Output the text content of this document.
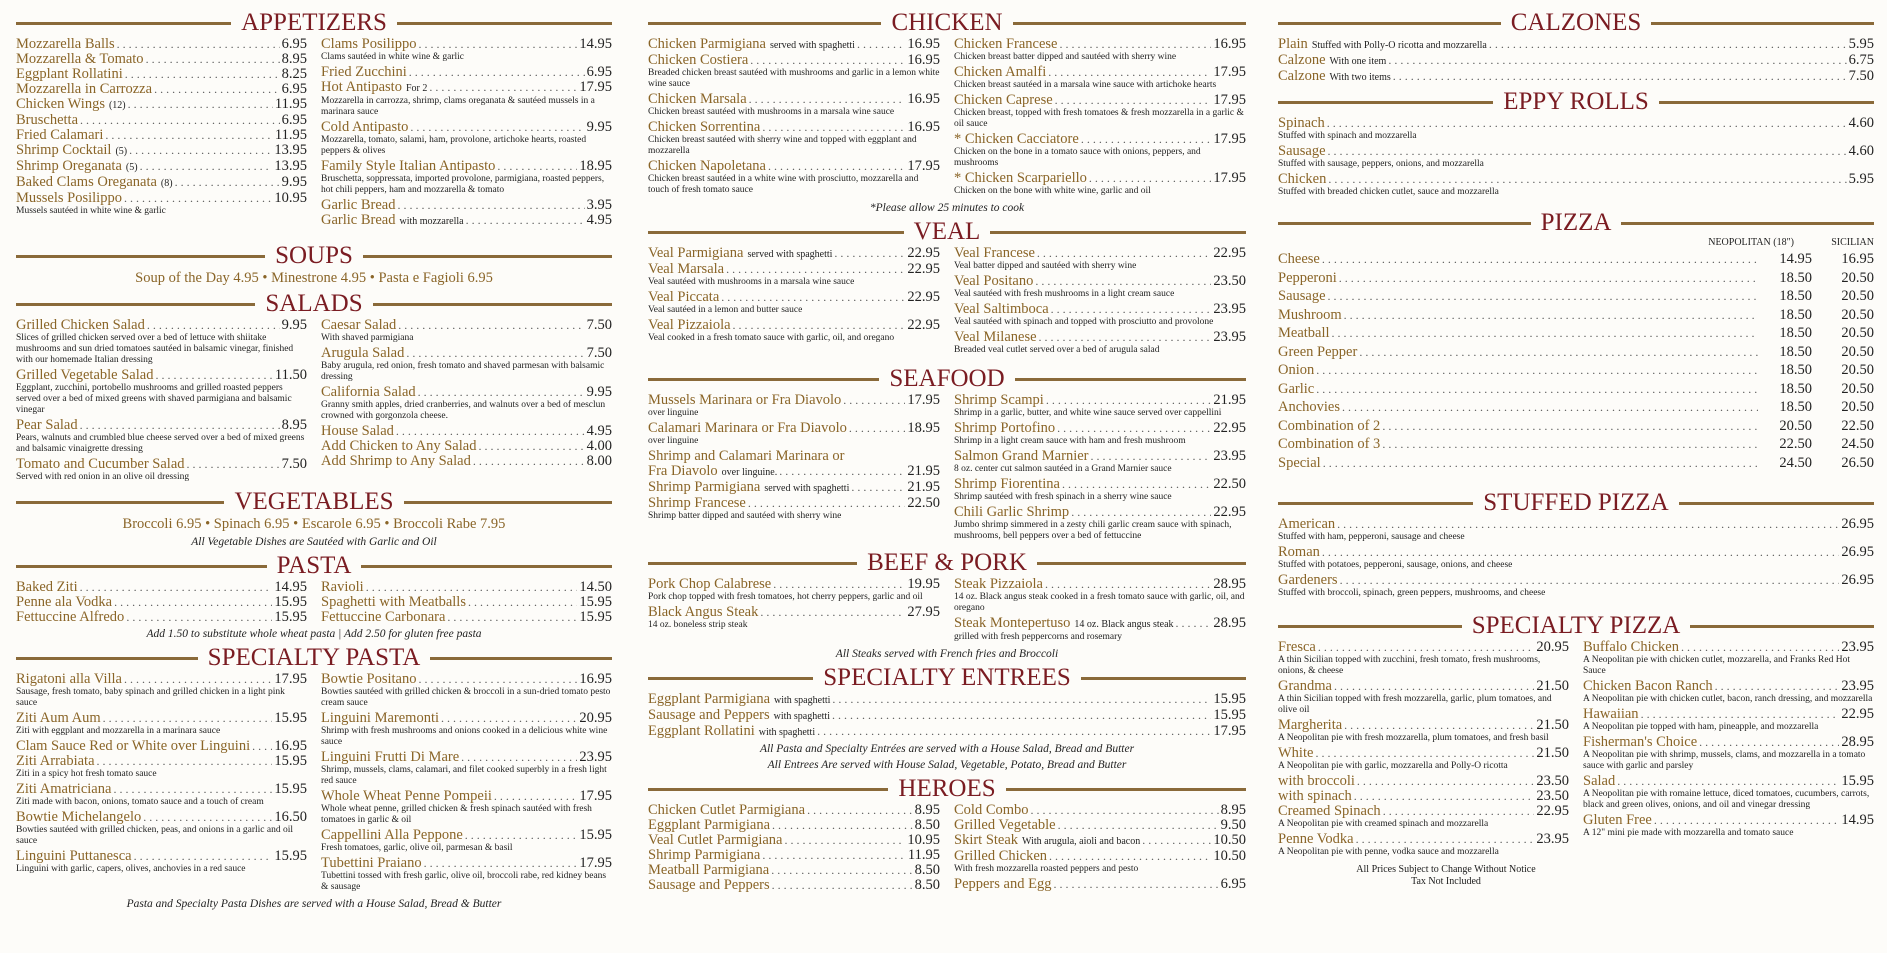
APPETIZERS
Mozzarella Balls . . .	6.95
Mozzarella & Tomato . . .	8.95
Eggplant Rollatini . . .	8.25
Mozzarella in Carrozza . . .	6.95
Chicken Wings (12) . . .	11.95
Bruschetta . . .	6.95
Fried Calamari . . .	11.95
Shrimp Cocktail (5) . . .	13.95
Shrimp Oreganata (5) . . .	13.95
Baked Clams Oreganata (8) . . .	9.95
Mussels Posilippo . . .	10.95
Mussels sautéed in white wine & garlic
Clams Posilippo . . .	14.95
Clams sautéed in white wine & garlic
Fried Zucchini . . .	6.95
Hot Antipasto For 2 . . .	17.95
Mozzarella in carrozza, shrimp, clams oreganata & sautéed mussels in a marinara sauce
Cold Antipasto . . .	9.95
Mozzarella, tomato, salami, ham, provolone, artichoke hearts, roasted peppers & olives
Family Style Italian Antipasto . . .	18.95
Bruschetta, soppressata, imported provolone, parmigiana, roasted peppers, hot chili peppers, ham and mozzarella & tomato
Garlic Bread . . .	3.95
Garlic Bread with mozzarella . . .	4.95
SOUPS
Soup of the Day 4.95 • Minestrone 4.95 • Pasta e Fagioli 6.95
SALADS
Grilled Chicken Salad . . .	9.95
Slices of grilled chicken served over a bed of lettuce with shiitake mushrooms and sun dried tomatoes sautéed in balsamic vinegar, finished with our homemade Italian dressing
Grilled Vegetable Salad . . .	11.50
Eggplant, zucchini, portobello mushrooms and grilled roasted peppers served over a bed of mixed greens with shaved parmigiana and balsamic vinegar
Pear Salad . . .	8.95
Pears, walnuts and crumbled blue cheese served over a bed of mixed greens and balsamic vinaigrette dressing
Tomato and Cucumber Salad . . .	7.50
Served with red onion in an olive oil dressing
Caesar Salad . . .	7.50
With shaved parmigiana
Arugula Salad . . .	7.50
Baby arugula, red onion, fresh tomato and shaved parmesan with balsamic dressing
California Salad . . .	9.95
Granny smith apples, dried cranberries, and walnuts over a bed of mesclun crowned with gorgonzola cheese.
House Salad . . .	4.95
Add Chicken to Any Salad . . .	4.00
Add Shrimp to Any Salad . . .	8.00
VEGETABLES
Broccoli 6.95 • Spinach 6.95 • Escarole 6.95 • Broccoli Rabe 7.95
All Vegetable Dishes are Sautéed with Garlic and Oil
PASTA
Baked Ziti . . .	14.95
Penne ala Vodka . . .	15.95
Fettuccine Alfredo . . .	15.95
Ravioli . . .	14.50
Spaghetti with Meatballs . . .	15.95
Fettuccine Carbonara . . .	15.95
Add 1.50 to substitute whole wheat pasta | Add 2.50 for gluten free pasta
SPECIALTY PASTA
Rigatoni alla Villa . . .	17.95
Sausage, fresh tomato, baby spinach and grilled chicken in a light pink sauce
Ziti Aum Aum . . .	15.95
Ziti with eggplant and mozzarella in a marinara sauce
Clam Sauce Red or White over Linguini . . . 16.95
Ziti Arrabiata . . .	15.95
Ziti in a spicy hot fresh tomato sauce
Ziti Amatriciana . . .	15.95
Ziti made with bacon, onions, tomato sauce and a touch of cream
Bowtie Michelangelo . . .	16.50
Bowties sautéed with grilled chicken, peas, and onions in a garlic and oil sauce
Linguini Puttanesca . . .	15.95
Linguini with garlic, capers, olives, anchovies in a red sauce
Bowtie Positano . . .	16.95
Bowties sautéed with grilled chicken & broccoli in a sun-dried tomato pesto cream sauce
Linguini Maremonti . . .	20.95
Shrimp with fresh mushrooms and onions cooked in a delicious white wine sauce
Linguini Frutti Di Mare . . .	23.95
Shrimp, mussels, clams, calamari, and filet cooked superbly in a fresh light red sauce
Whole Wheat Penne Pompeii . . .	17.95
Whole wheat penne, grilled chicken & fresh spinach sautéed with fresh tomatoes in garlic & oil
Cappellini Alla Peppone . . .	15.95
Fresh tomatoes, garlic, olive oil, parmesan & basil
Tubettini Praiano . . .	17.95
Tubettini tossed with fresh garlic, olive oil, broccoli rabe, red kidney beans & sausage
Pasta and Specialty Pasta Dishes are served with a House Salad, Bread & Butter
CHICKEN
Chicken Parmigiana served with spaghetti . . .	16.95
Chicken Costiera . . .	16.95
Breaded chicken breast sautéed with mushrooms and garlic in a lemon white wine sauce
Chicken Marsala . . .	16.95
Chicken breast sautéed with mushrooms in a marsala wine sauce
Chicken Sorrentina . . .	16.95
Chicken breast sautéed with sherry wine and topped with eggplant and mozzarella
Chicken Napoletana . . .	17.95
Chicken breast sautéed in a white wine with prosciutto, mozzarella and touch of fresh tomato sauce
Chicken Francese . . .	16.95
Chicken breast batter dipped and sautéed with sherry wine
Chicken Amalfi . . .	17.95
Chicken breast sautéed in a marsala wine sauce with artichoke hearts
Chicken Caprese . . .	17.95
Chicken breast, topped with fresh tomatoes & fresh mozzarella in a garlic & oil sauce
* Chicken Cacciatore . . .	17.95
Chicken on the bone in a tomato sauce with onions, peppers, and mushrooms
* Chicken Scarpariello . . .	17.95
Chicken on the bone with white wine, garlic and oil
*Please allow 25 minutes to cook
VEAL
Veal Parmigiana served with spaghetti . . .	22.95
Veal Marsala . . .	22.95
Veal sautéed with mushrooms in a marsala wine sauce
Veal Piccata . . .	22.95
Veal sautéed in a lemon and butter sauce
Veal Pizzaiola . . .	22.95
Veal cooked in a fresh tomato sauce with garlic, oil, and oregano
Veal Francese . . .	22.95
Veal batter dipped and sautéed with sherry wine
Veal Positano . . .	23.50
Veal sautéed with fresh mushrooms in a light cream sauce
Veal Saltimboca . . .	23.95
Veal sautéed with spinach and topped with prosciutto and provolone
Veal Milanese . . .	23.95
Breaded veal cutlet served over a bed of arugula salad
SEAFOOD
Mussels Marinara or Fra Diavolo . . .	17.95
over linguine
Calamari Marinara or Fra Diavolo . . .	18.95
over linguine
Shrimp and Calamari Marinara or
Fra Diavolo over linguine. . . .	21.95
Shrimp Parmigiana served with spaghetti . . .	21.95
Shrimp Francese . . .	22.50
Shrimp batter dipped and sautéed with sherry wine
Shrimp Scampi . . .	21.95
Shrimp in a garlic, butter, and white wine sauce served over cappellini
Shrimp Portofino . . .	22.95
Shrimp in a light cream sauce with ham and fresh mushroom
Salmon Grand Marnier . . .	23.95
8 oz. center cut salmon sautéed in a Grand Marnier sauce
Shrimp Fiorentina . . .	22.50
Shrimp sautéed with fresh spinach in a sherry wine sauce
Chili Garlic Shrimp . . .	22.95
Jumbo shrimp simmered in a zesty chili garlic cream sauce with spinach, mushrooms, bell peppers over a bed of fettuccine
BEEF & PORK
Pork Chop Calabrese . . .	19.95
Pork chop topped with fresh tomatoes, hot cherry peppers, garlic and oil
Black Angus Steak . . .	27.95
14 oz. boneless strip steak
Steak Pizzaiola . . .	28.95
14 oz. Black angus steak cooked in a fresh tomato sauce with garlic, oil, and oregano
Steak Montepertuso 14 oz. Black angus steak . . .	28.95
grilled with fresh peppercorns and rosemary
All Steaks served with French fries and Broccoli
SPECIALTY ENTREES
Eggplant Parmigiana with spaghetti . . .	15.95
Sausage and Peppers with spaghetti . . .	15.95
Eggplant Rollatini with spaghetti . . .	17.95
All Pasta and Specialty Entrées are served with a House Salad, Bread and Butter
All Entrees Are served with House Salad, Vegetable, Potato, Bread and Butter
HEROES
Chicken Cutlet Parmigiana . . .	8.95
Eggplant Parmigiana . . .	8.50
Veal Cutlet Parmigiana . . .	10.95
Shrimp Parmigiana . . .	11.95
Meatball Parmigiana . . .	8.50
Sausage and Peppers . . .	8.50
Cold Combo . . .	8.95
Grilled Vegetable . . .	9.50
Skirt Steak With arugula, aioli and bacon . . .	10.50
Grilled Chicken . . .	10.50
With fresh mozzarella roasted peppers and pesto
Peppers and Egg . . .	6.95
CALZONES
Plain Stuffed with Polly-O ricotta and mozzarella . . .	5.95
Calzone With one item . . .	6.75
Calzone With two items . . .	7.50
EPPY ROLLS
Spinach . . .	4.60
Stuffed with spinach and mozzarella
Sausage . . .	4.60
Stuffed with sausage, peppers, onions, and mozzarella
Chicken . . .	5.95
Stuffed with breaded chicken cutlet, sauce and mozzarella
PIZZA
NEOPOLITAN (18")	SICILIAN
Cheese . . .	14.95	16.95
Pepperoni . . .	18.50	20.50
Sausage . . .	18.50	20.50
Mushroom . . .	18.50	20.50
Meatball . . .	18.50	20.50
Green Pepper . . .	18.50	20.50
Onion . . .	18.50	20.50
Garlic . . .	18.50	20.50
Anchovies . . .	18.50	20.50
Combination of 2 . . .	20.50	22.50
Combination of 3 . . .	22.50	24.50
Special . . .	24.50	26.50
STUFFED PIZZA
American . . .	26.95
Stuffed with ham, pepperoni, sausage and cheese
Roman . . .	26.95
Stuffed with potatoes, pepperoni, sausage, onions, and cheese
Gardeners . . .	26.95
Stuffed with broccoli, spinach, green peppers, mushrooms, and cheese
SPECIALTY PIZZA
Fresca . . .	20.95
A thin Sicilian topped with zucchini, fresh tomato, fresh mushrooms, onions, & cheese
Grandma . . .	21.50
A thin Sicilian topped with fresh mozzarella, garlic, plum tomatoes, and olive oil
Margherita . . .	21.50
A Neopolitan pie with fresh mozzarella, plum tomatoes, and fresh basil
White . . .	21.50
A Neopolitan pie with garlic, mozzarella and Polly-O ricotta
with broccoli . . .	23.50
with spinach . . .	23.50
Creamed Spinach . . .	22.95
A Neopolitan pie with creamed spinach and mozzarella
Penne Vodka . . .	23.95
A Neopolitan pie with penne, vodka sauce and mozzarella
Buffalo Chicken . . .	23.95
A Neopolitan pie with chicken cutlet, mozzarella, and Franks Red Hot Sauce
Chicken Bacon Ranch . . .	23.95
A Neopolitan pie with chicken cutlet, bacon, ranch dressing, and mozzarella
Hawaiian . . .	22.95
A Neopolitan pie topped with ham, pineapple, and mozzarella
Fisherman's Choice . . .	28.95
A Neopolitan pie with shrimp, mussels, clams, and mozzarella in a tomato sauce with garlic and parsley
Salad . . .	15.95
A Neopolitan pie with romaine lettuce, diced tomatoes, cucumbers, carrots, black and green olives, onions, and oil and vinegar dressing
Gluten Free . . .	14.95
A 12" mini pie made with mozzarella and tomato sauce
All Prices Subject to Change Without Notice
Tax Not Included
